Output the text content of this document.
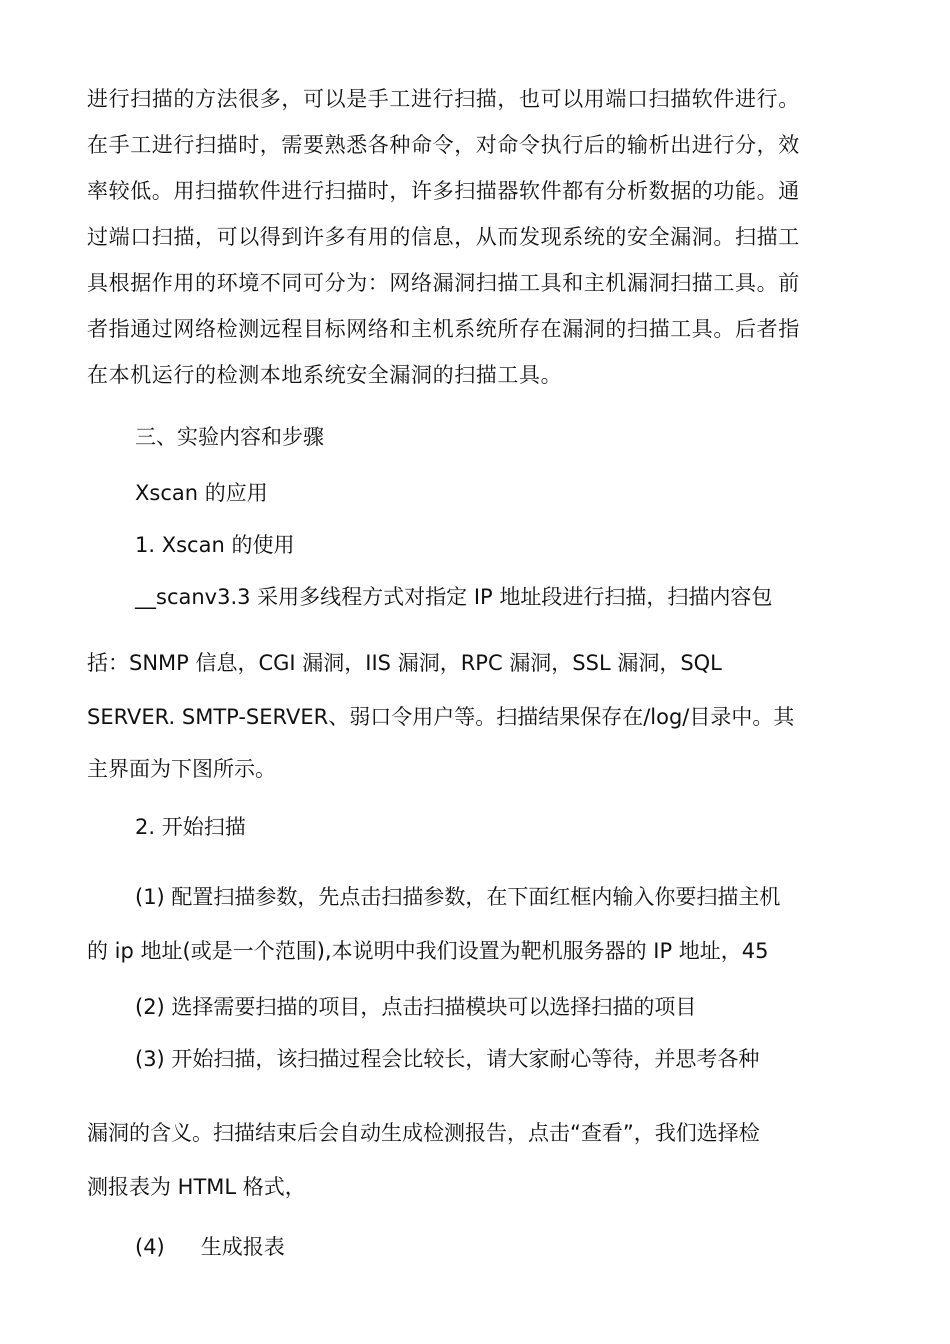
进行扫描的方法很多，可以是手工进行扫描，也可以用端口扫描软件进行。

在手工进行扫描时，需要熟悉各种命令，对命令执行后的输析出进行分，效

率较低。用扫描软件进行扫描时，许多扫描器软件都有分析数据的功能。通

过端口扫描，可以得到许多有用的信息，从而发现系统的安全漏洞。扫描工

具根据作用的环境不同可分为：网络漏洞扫描工具和主机漏洞扫描工具。前

者指通过网络检测远程目标网络和主机系统所存在漏洞的扫描工具。后者指

在本机运行的检测本地系统安全漏洞的扫描工具。

三、实验内容和步骤

Xscan 的应用

1. Xscan 的使用

__scanv3.3 采用多线程方式对指定 IP 地址段进行扫描，扫描内容包

括：SNMP 信息，CGI 漏洞，IIS 漏洞，RPC 漏洞，SSL 漏洞，SQL

SERVER. SMTP-SERVER、弱口令用户等。扫描结果保存在/log/目录中。其

主界面为下图所示。

2. 开始扫描

(1) 配置扫描参数，先点击扫描参数，在下面红框内输入你要扫描主机

的 ip 地址(或是一个范围),本说明中我们设置为靶机服务器的 IP 地址，45

(2) 选择需要扫描的项目，点击扫描模块可以选择扫描的项目

(3) 开始扫描，该扫描过程会比较长，请大家耐心等待，并思考各种

漏洞的含义。扫描结束后会自动生成检测报告，点击“查看”，我们选择检

测报表为 HTML 格式，

(4) 生成报表
